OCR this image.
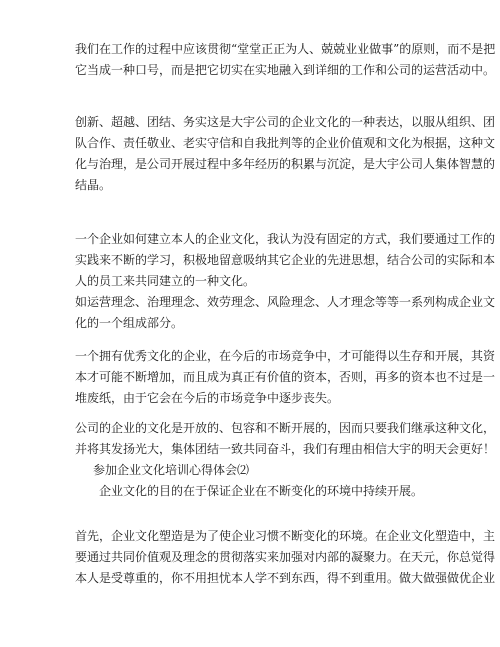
我们在工作的过程中应该贯彻“堂堂正正为人、兢兢业业做事”的原则，而不是把
它当成一种口号，而是把它切实在实地融入到详细的工作和公司的运营活动中。
创新、超越、团结、务实这是大宇公司的企业文化的一种表达，以服从组织、团
队合作、责任敬业、老实守信和自我批判等的企业价值观和文化为根据，这种文
化与治理，是公司开展过程中多年经历的积累与沉淀，是大宇公司人集体智慧的
结晶。
一个企业如何建立本人的企业文化，我认为没有固定的方式，我们要通过工作的
实践来不断的学习，积极地留意吸纳其它企业的先进思想，结合公司的实际和本
人的员工来共同建立的一种文化。
如运营理念、治理理念、效劳理念、风险理念、人才理念等等一系列构成企业文
化的一个组成部分。
一个拥有优秀文化的企业，在今后的市场竞争中，才可能得以生存和开展，其资
本才可能不断增加，而且成为真正有价值的资本，否则，再多的资本也不过是一
堆废纸，由于它会在今后的市场竞争中逐步丧失。
公司的企业的文化是开放的、包容和不断开展的，因而只要我们继承这种文化，
并将其发扬光大，集体团结一致共同奋斗，我们有理由相信大宇的明天会更好！
参加企业文化培训心得体会⑵
企业文化的目的在于保证企业在不断变化的环境中持续开展。
首先，企业文化塑造是为了使企业习惯不断变化的环境。在企业文化塑造中，主
要通过共同价值观及理念的贯彻落实来加强对内部的凝聚力。在天元，你总觉得
本人是受尊重的，你不用担忧本人学不到东西，得不到重用。做大做强做优企业
